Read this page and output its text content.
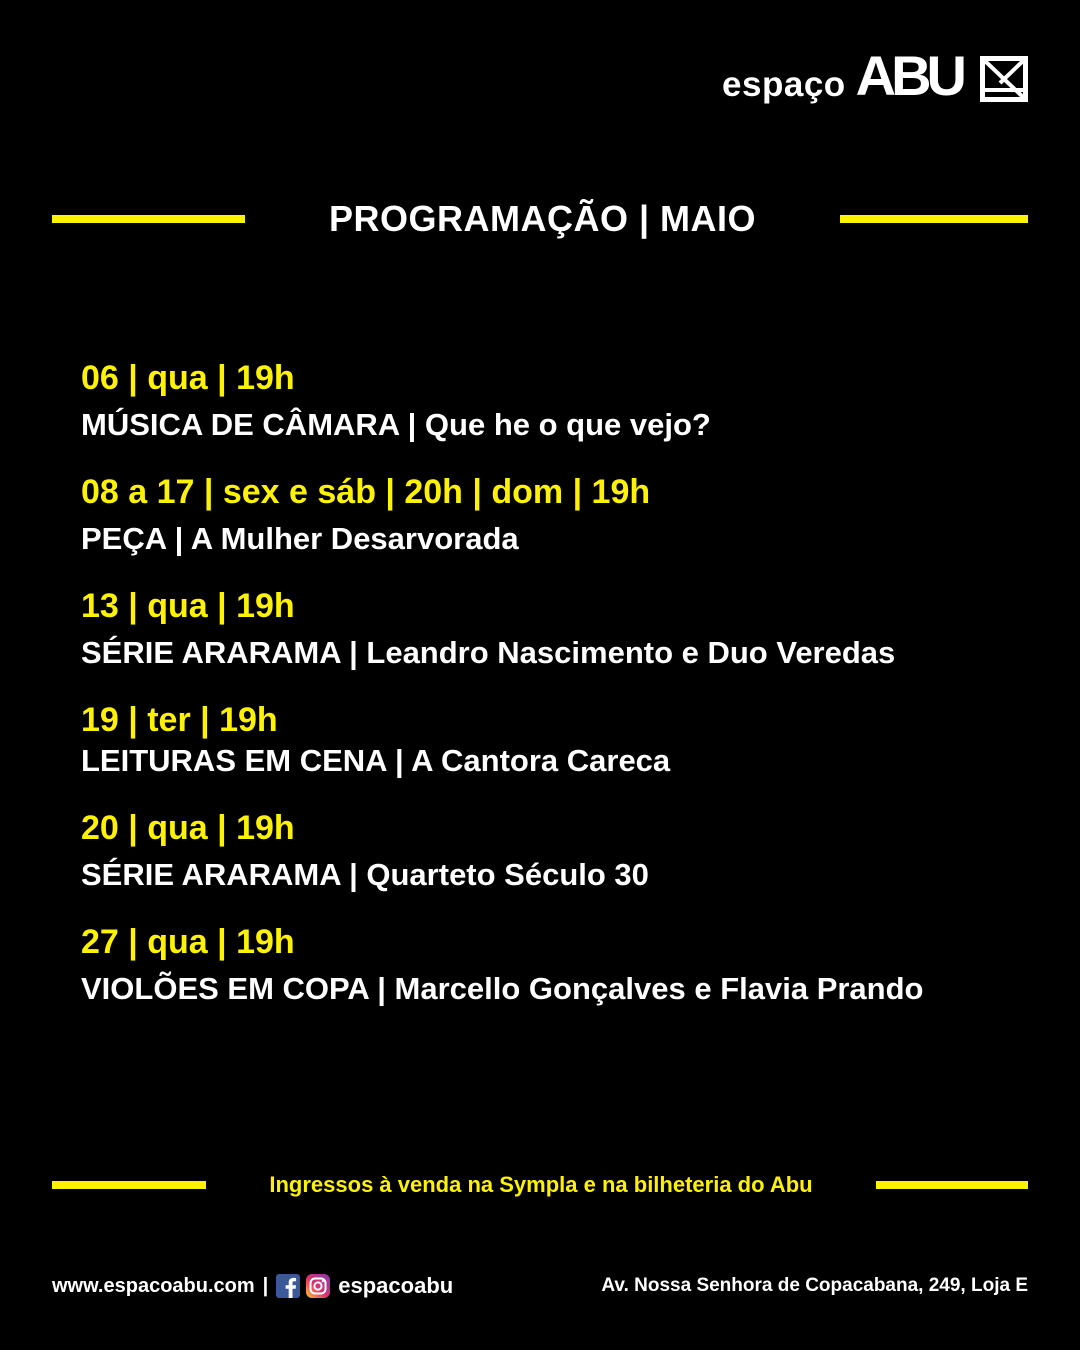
espaço ABU
PROGRAMAÇÃO | MAIO
06 | qua | 19h
MÚSICA DE CÂMARA | Que he o que vejo?
08 a 17 | sex e sáb | 20h | dom | 19h
PEÇA | A Mulher Desarvorada
13 | qua | 19h
SÉRIE ARARAMA | Leandro Nascimento e Duo Veredas
19 | ter | 19h
LEITURAS EM CENA | A Cantora Careca
20 | qua | 19h
SÉRIE ARARAMA | Quarteto Século 30
27 | qua | 19h
VIOLÕES EM COPA | Marcello Gonçalves e Flavia Prando
Ingressos à venda na Sympla e na bilheteria do Abu
www.espacoabu.com |	espacoabu	Av. Nossa Senhora de Copacabana, 249, Loja E
